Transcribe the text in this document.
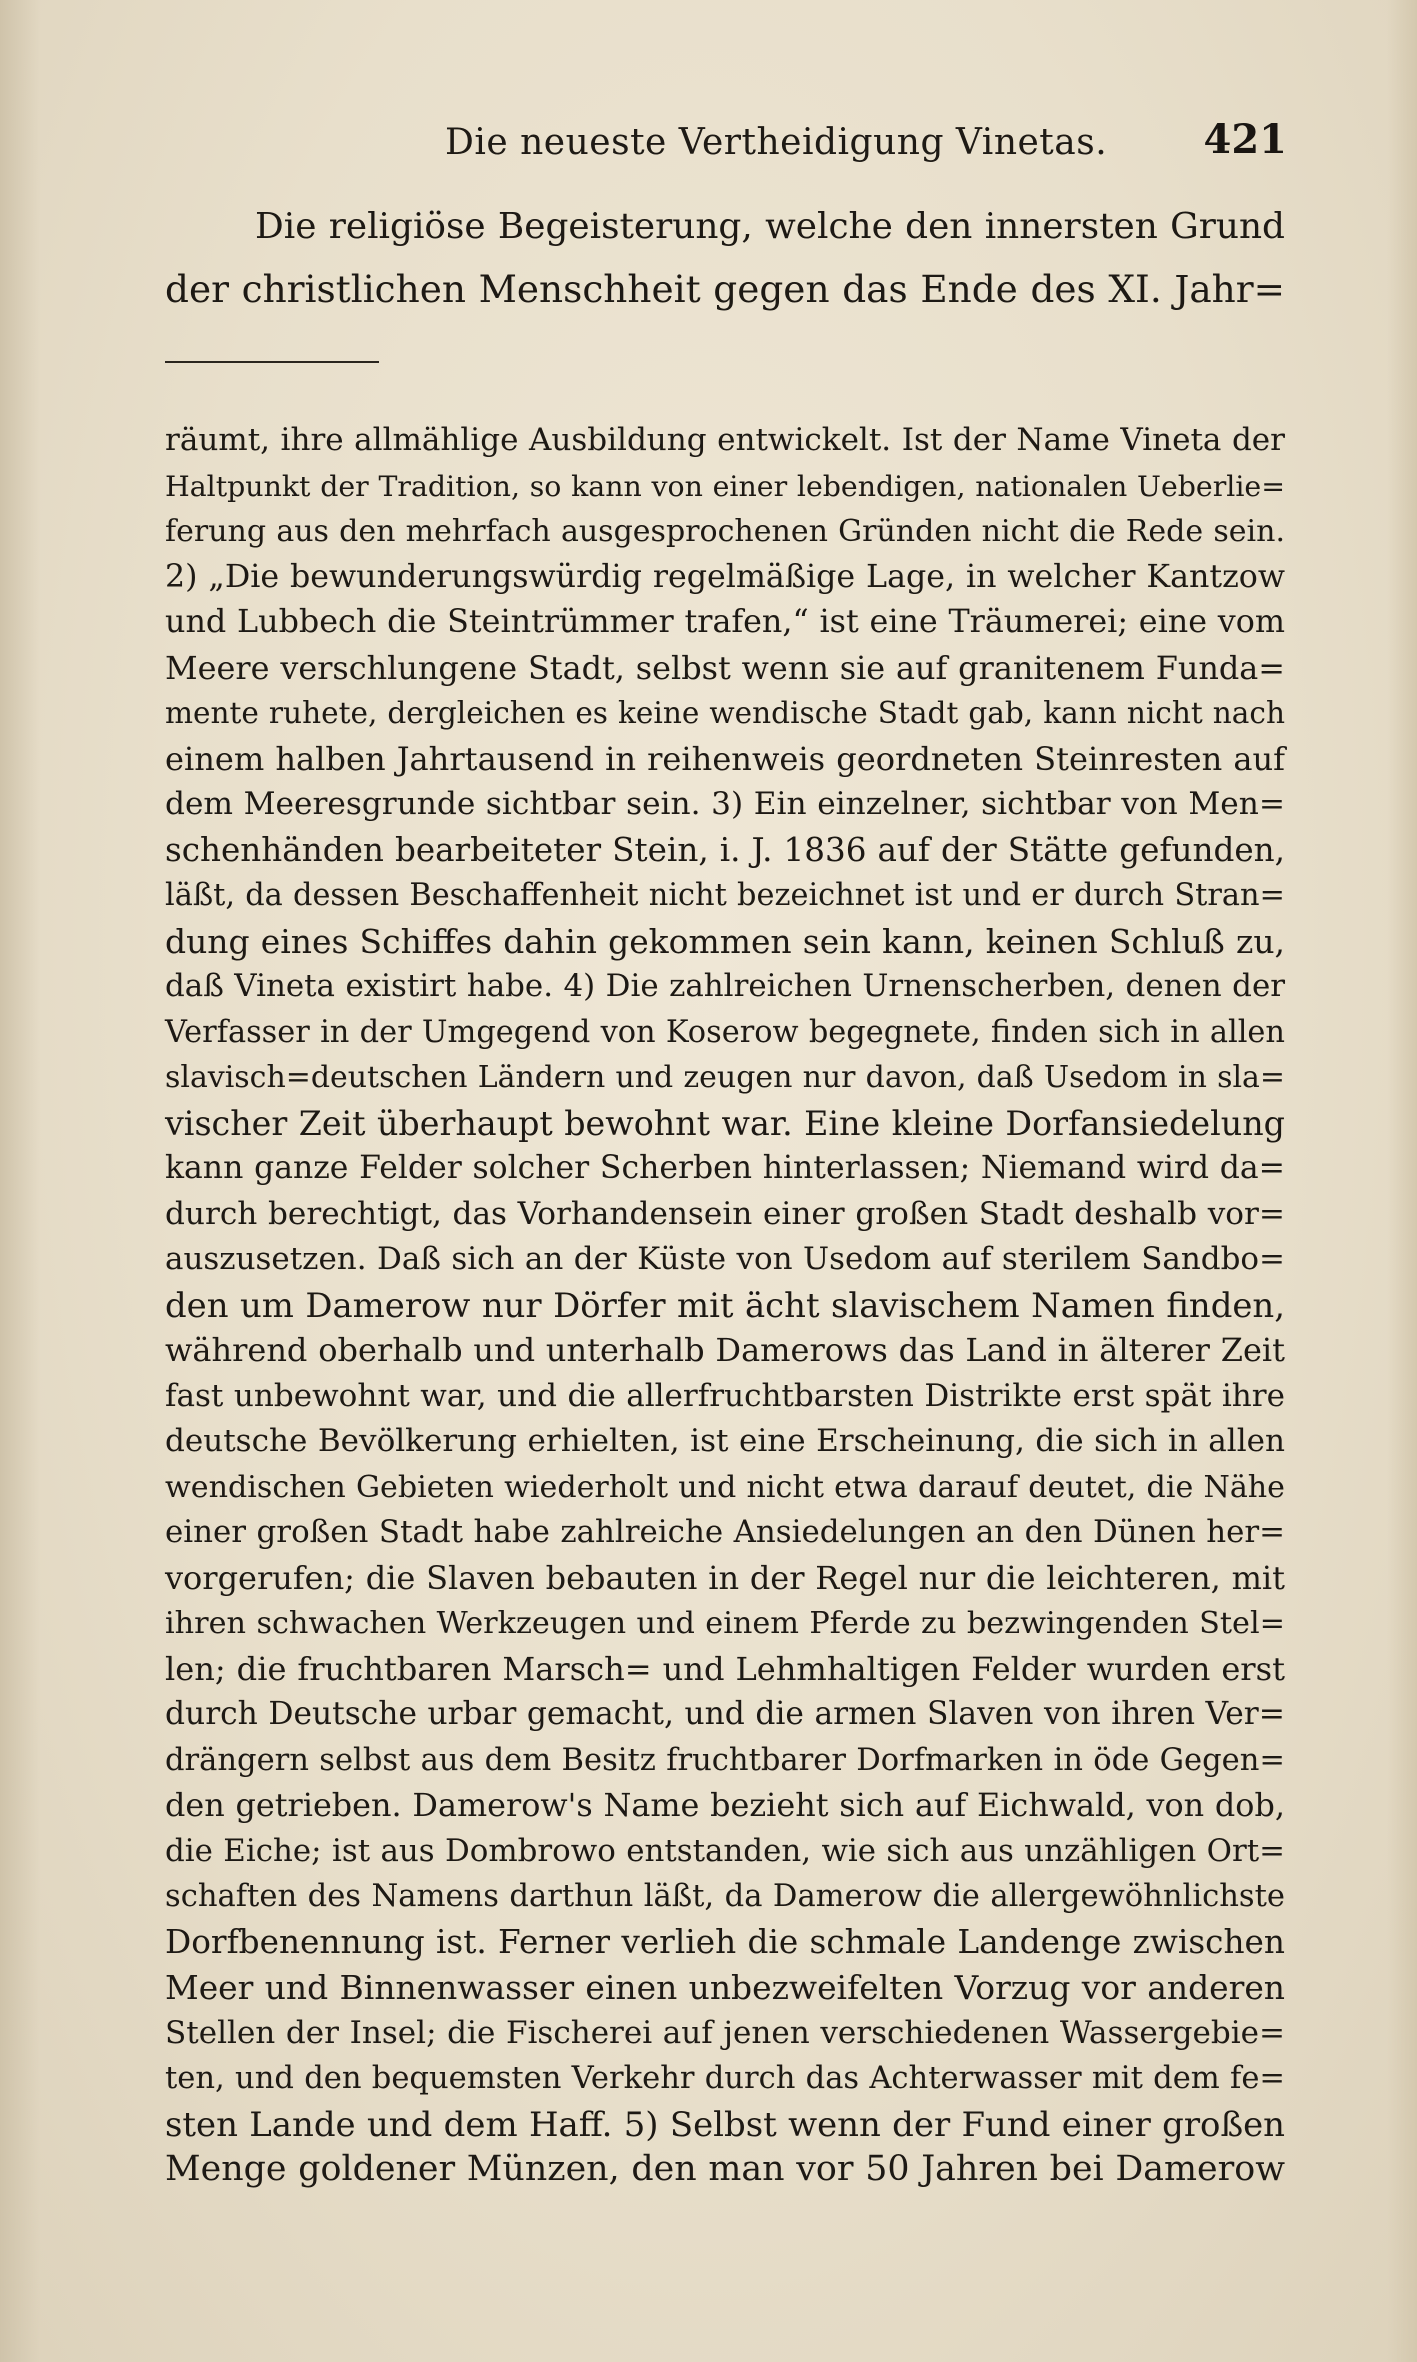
Die neueste Vertheidigung Vinetas. 421
Die religiöse Begeisterung, welche den innersten Grund
der christlichen Menschheit gegen das Ende des XI. Jahr=
räumt, ihre allmählige Ausbildung entwickelt. Ist der Name Vineta der
Haltpunkt der Tradition, so kann von einer lebendigen, nationalen Ueberlie=
ferung aus den mehrfach ausgesprochenen Gründen nicht die Rede sein.
2) „Die bewunderungswürdig regelmäßige Lage, in welcher Kantzow
und Lubbech die Steintrümmer trafen,“ ist eine Träumerei; eine vom
Meere verschlungene Stadt, selbst wenn sie auf granitenem Funda=
mente ruhete, dergleichen es keine wendische Stadt gab, kann nicht nach
einem halben Jahrtausend in reihenweis geordneten Steinresten auf
dem Meeresgrunde sichtbar sein. 3) Ein einzelner, sichtbar von Men=
schenhänden bearbeiteter Stein, i. J. 1836 auf der Stätte gefunden,
läßt, da dessen Beschaffenheit nicht bezeichnet ist und er durch Stran=
dung eines Schiffes dahin gekommen sein kann, keinen Schluß zu,
daß Vineta existirt habe. 4) Die zahlreichen Urnenscherben, denen der
Verfasser in der Umgegend von Koserow begegnete, finden sich in allen
slavisch=deutschen Ländern und zeugen nur davon, daß Usedom in sla=
vischer Zeit überhaupt bewohnt war. Eine kleine Dorfansiedelung
kann ganze Felder solcher Scherben hinterlassen; Niemand wird da=
durch berechtigt, das Vorhandensein einer großen Stadt deshalb vor=
auszusetzen. Daß sich an der Küste von Usedom auf sterilem Sandbo=
den um Damerow nur Dörfer mit ächt slavischem Namen finden,
während oberhalb und unterhalb Damerows das Land in älterer Zeit
fast unbewohnt war, und die allerfruchtbarsten Distrikte erst spät ihre
deutsche Bevölkerung erhielten, ist eine Erscheinung, die sich in allen
wendischen Gebieten wiederholt und nicht etwa darauf deutet, die Nähe
einer großen Stadt habe zahlreiche Ansiedelungen an den Dünen her=
vorgerufen; die Slaven bebauten in der Regel nur die leichteren, mit
ihren schwachen Werkzeugen und einem Pferde zu bezwingenden Stel=
len; die fruchtbaren Marsch= und Lehmhaltigen Felder wurden erst
durch Deutsche urbar gemacht, und die armen Slaven von ihren Ver=
drängern selbst aus dem Besitz fruchtbarer Dorfmarken in öde Gegen=
den getrieben. Damerow's Name bezieht sich auf Eichwald, von dob,
die Eiche; ist aus Dombrowo entstanden, wie sich aus unzähligen Ort=
schaften des Namens darthun läßt, da Damerow die allergewöhnlichste
Dorfbenennung ist. Ferner verlieh die schmale Landenge zwischen
Meer und Binnenwasser einen unbezweifelten Vorzug vor anderen
Stellen der Insel; die Fischerei auf jenen verschiedenen Wassergebie=
ten, und den bequemsten Verkehr durch das Achterwasser mit dem fe=
sten Lande und dem Haff. 5) Selbst wenn der Fund einer großen
Menge goldener Münzen, den man vor 50 Jahren bei Damerow
